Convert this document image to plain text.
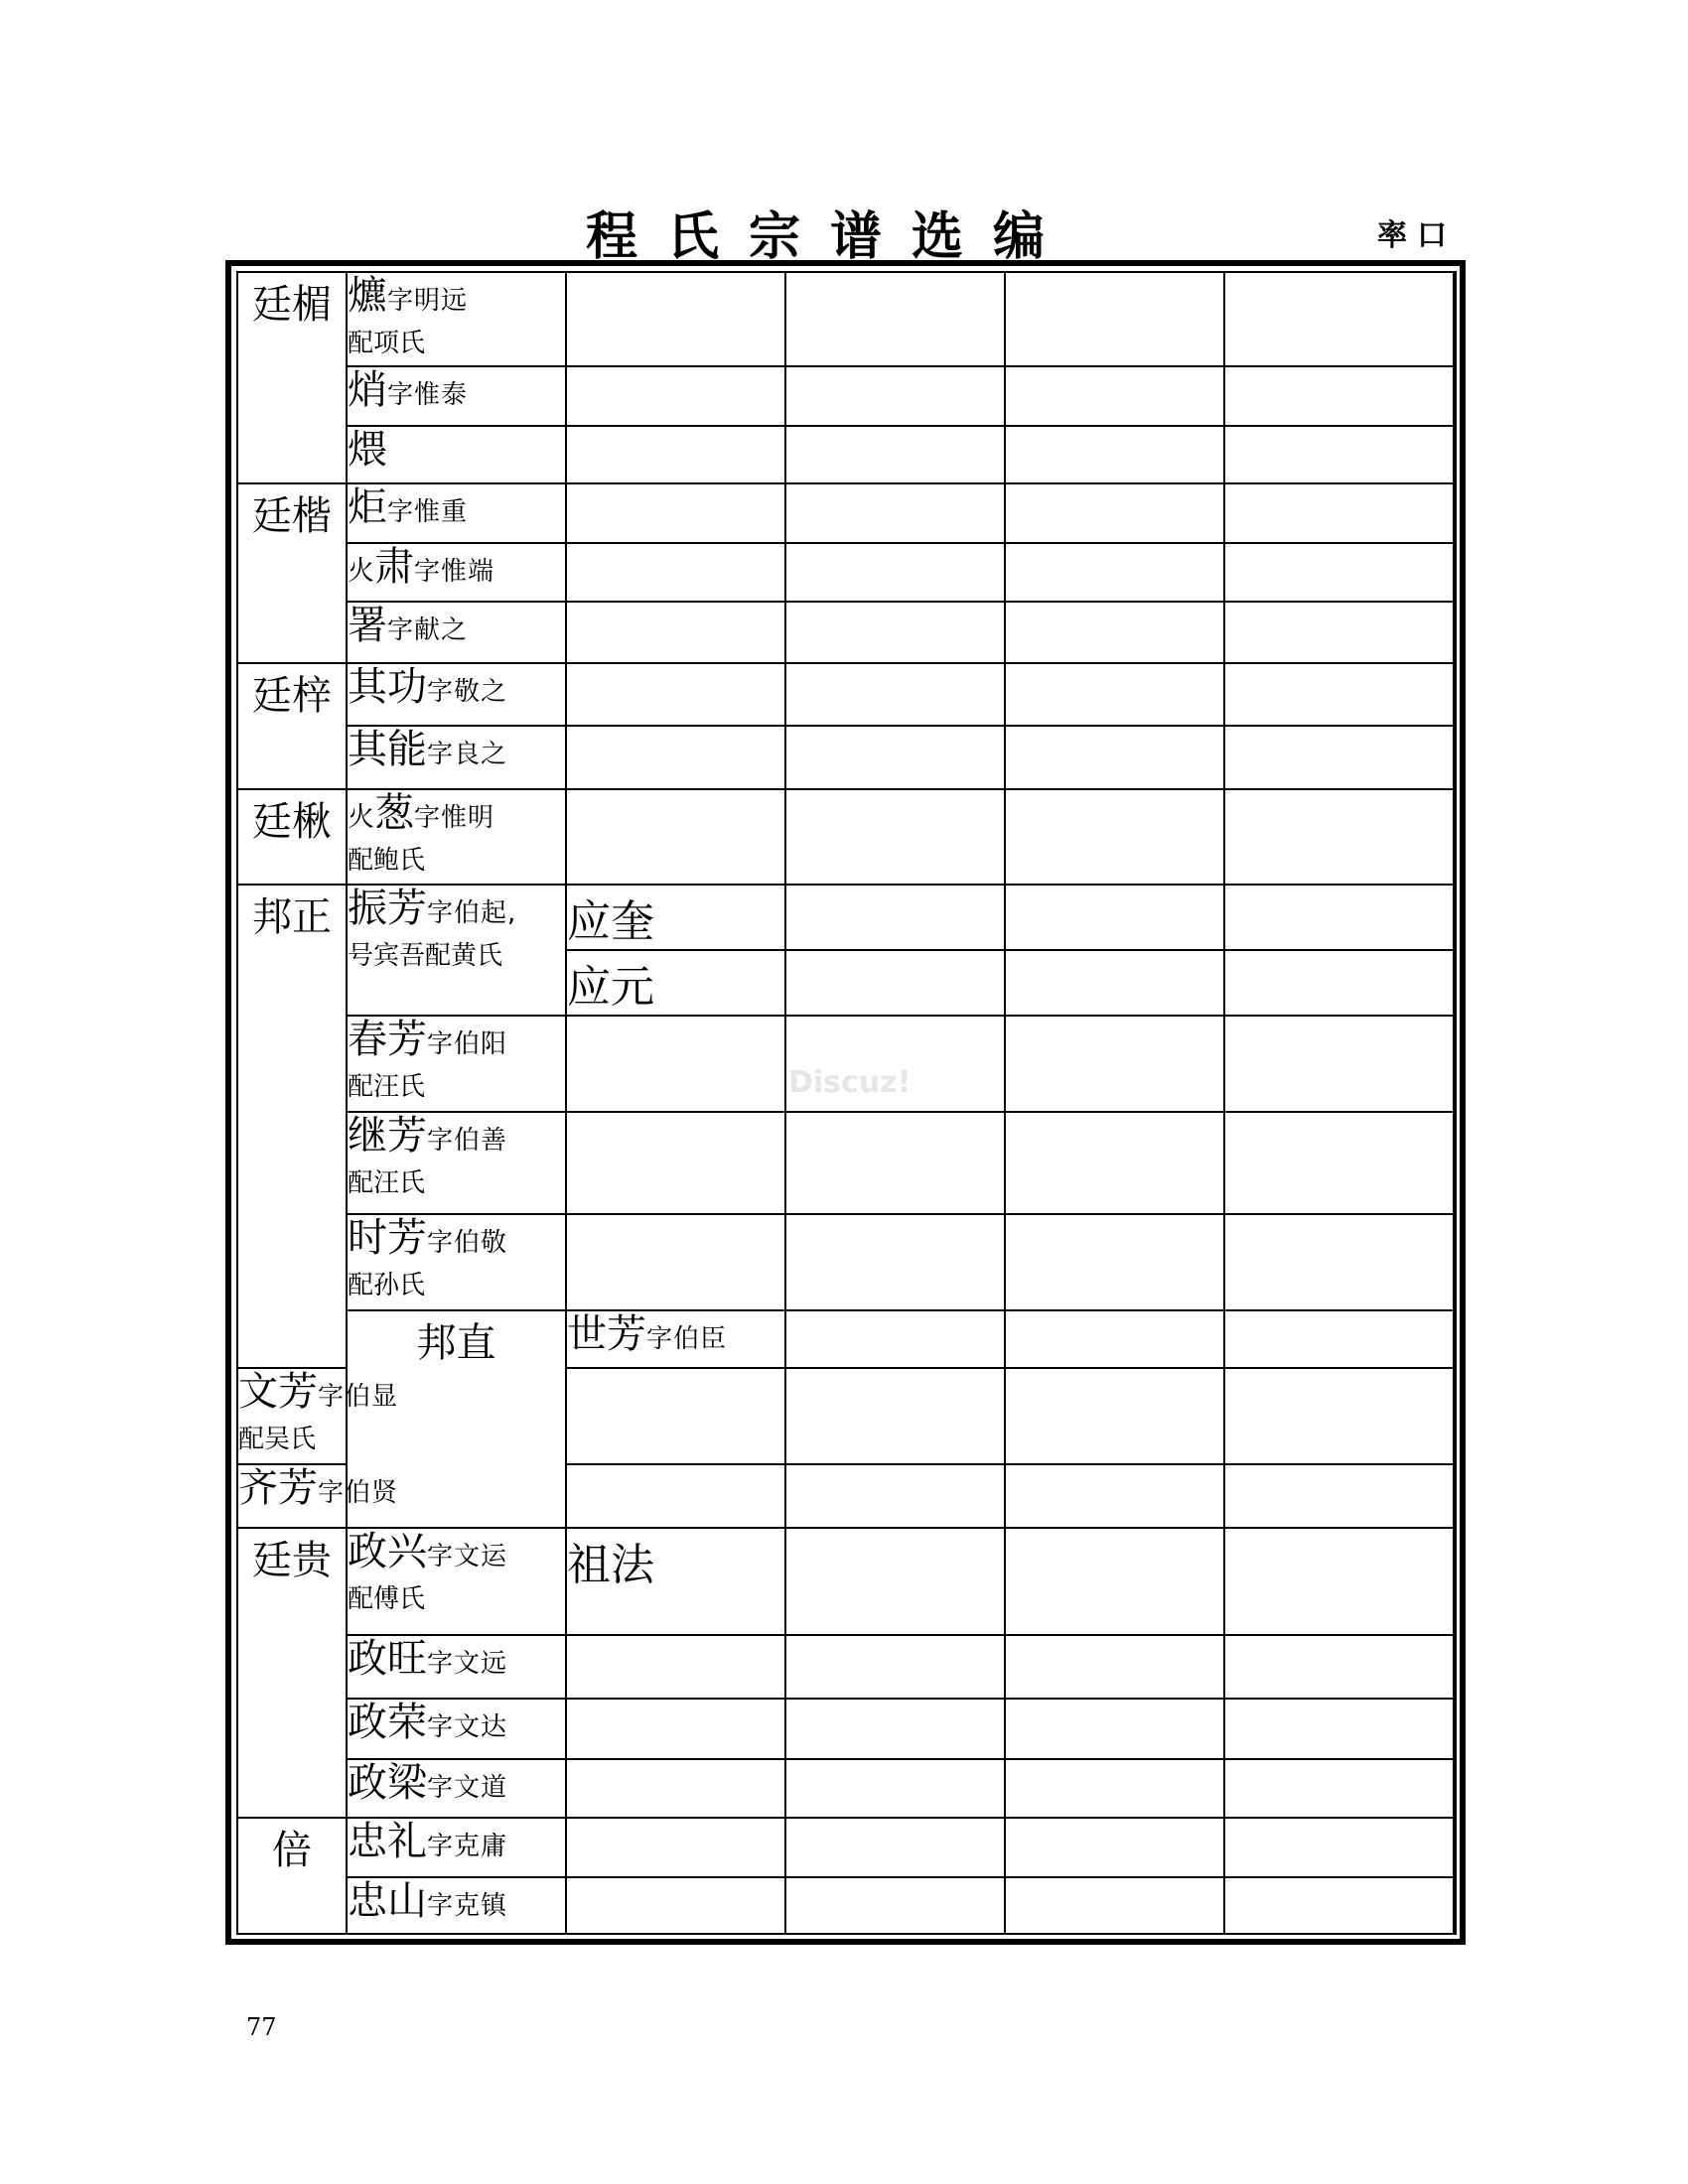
程氏宗谱选编	率口
廷楣	爊字明远
配项氏					

	焇字惟泰					

	煨					

廷楷	炬字惟重					

	火肃字惟端					

	署字献之					

廷梓	其功字敬之					

	其能字良之					

廷楸	火葱字惟明
配鲍氏					

邦正	振芳字伯起,
号宾吾配黄氏	应奎				
		应元				

	春芳字伯阳
配汪氏					

	继芳字伯善
配汪氏					

	时芳字伯敬
配孙氏					

	邦直	世芳字伯臣				

文芳字伯显
配吴氏						

齐芳字伯贤						

廷贵	政兴字文运
配傅氏	祖法				

	政旺字文远					

	政荣字文达					

	政梁字文道					

倍	忠礼字克庸					

	忠山字克镇					

Discuz!
77
